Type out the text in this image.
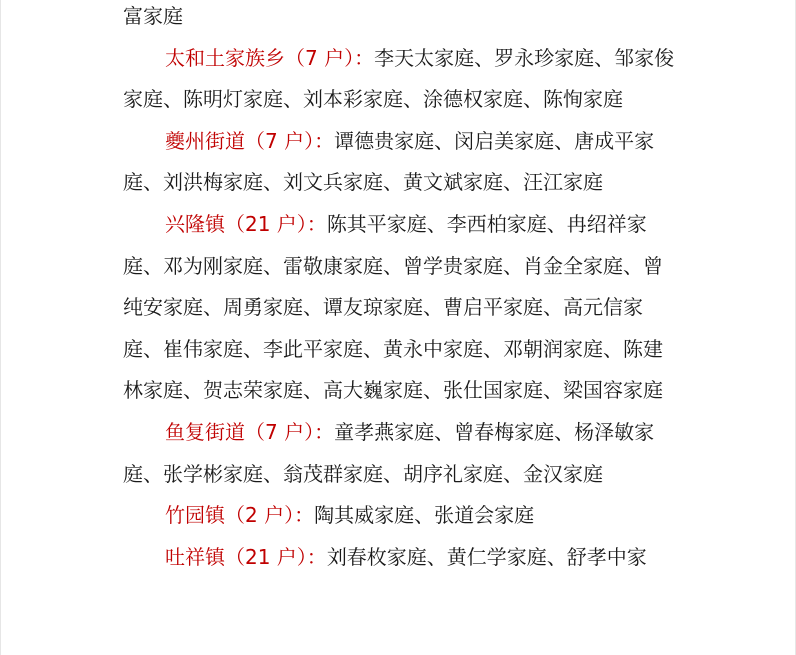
富家庭

太和土家族乡（7 户）：李天太家庭、罗永珍家庭、邹家俊家庭、陈明灯家庭、刘本彩家庭、涂德权家庭、陈恂家庭

夔州街道（7 户）：谭德贵家庭、闵启美家庭、唐成平家庭、刘洪梅家庭、刘文兵家庭、黄文斌家庭、汪江家庭

兴隆镇（21 户）：陈其平家庭、李西柏家庭、冉绍祥家庭、邓为刚家庭、雷敬康家庭、曾学贵家庭、肖金全家庭、曾纯安家庭、周勇家庭、谭友琼家庭、曹启平家庭、高元信家庭、崔伟家庭、李此平家庭、黄永中家庭、邓朝润家庭、陈建林家庭、贺志荣家庭、高大巍家庭、张仕国家庭、梁国容家庭

鱼复街道（7 户）：童孝燕家庭、曾春梅家庭、杨泽敏家庭、张学彬家庭、翁茂群家庭、胡序礼家庭、金汉家庭

竹园镇（2 户）：陶其威家庭、张道会家庭

吐祥镇（21 户）：刘春枚家庭、黄仁学家庭、舒孝中家
